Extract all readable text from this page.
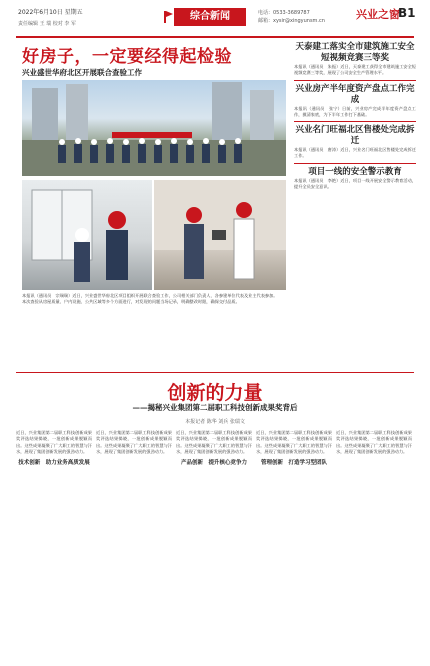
2022年6月10日 星期五
责任编辑 王 瑞 校对 李 军
综合新闻	电话：0533-3689787
邮箱：xysir@xingyunsm.cn	兴业之窗
B1
好房子，一定要经得起检验
兴业盛世华府北区开展联合查验工作
本报讯（通讯员　宗瑞瑞）近日，兴业盛世华府北区项目组织开展联合查验工作，公司相关部门负责人、各参建单位代表及业主代表参加。
本次查验从房屋质量、户内设施、公共区域等多个方面进行，对发现的问题当场记录，明确整改时限，确保交付品质。
天泰建工落实全市建筑施工安全短视频竞赛三等奖
本报讯（通讯员　朱振）近日，天泰建工获得全市建筑施工安全短视频竞赛三等奖，展现了公司安全生产管理水平。
兴业房产半年度资产盘点工作完成
本报讯（通讯员　张宁）日前，兴业房产完成半年度资产盘点工作，摸清家底，为下半年工作打下基础。
兴业名门旺福北区售楼处完成拆迁
本报讯（通讯员　唐涛）近日，兴业名门旺福北区售楼处完成拆迁工作。
项目一线的安全警示教育
本报讯（通讯员　李艳）近日，项目一线开展安全警示教育活动，提升全员安全意识。
创新的力量
——揭秘兴业集团第二届职工科技创新成果奖背后
本报记者 陈华 刘兵 张瑞文
近日，兴业集团第二届职工科技创新成果奖评选结果揭晓，一批创新成果脱颖而出。这些成果凝聚了广大职工的智慧与汗水，展现了集团创新发展的强劲动力。
技术创新　助力业务高质发展
近日，兴业集团第二届职工科技创新成果奖评选结果揭晓，一批创新成果脱颖而出。这些成果凝聚了广大职工的智慧与汗水，展现了集团创新发展的强劲动力。
近日，兴业集团第二届职工科技创新成果奖评选结果揭晓，一批创新成果脱颖而出。这些成果凝聚了广大职工的智慧与汗水，展现了集团创新发展的强劲动力。
产品创新　提升核心竞争力
近日，兴业集团第二届职工科技创新成果奖评选结果揭晓，一批创新成果脱颖而出。这些成果凝聚了广大职工的智慧与汗水，展现了集团创新发展的强劲动力。
管理创新　打造学习型团队
近日，兴业集团第二届职工科技创新成果奖评选结果揭晓，一批创新成果脱颖而出。这些成果凝聚了广大职工的智慧与汗水，展现了集团创新发展的强劲动力。
